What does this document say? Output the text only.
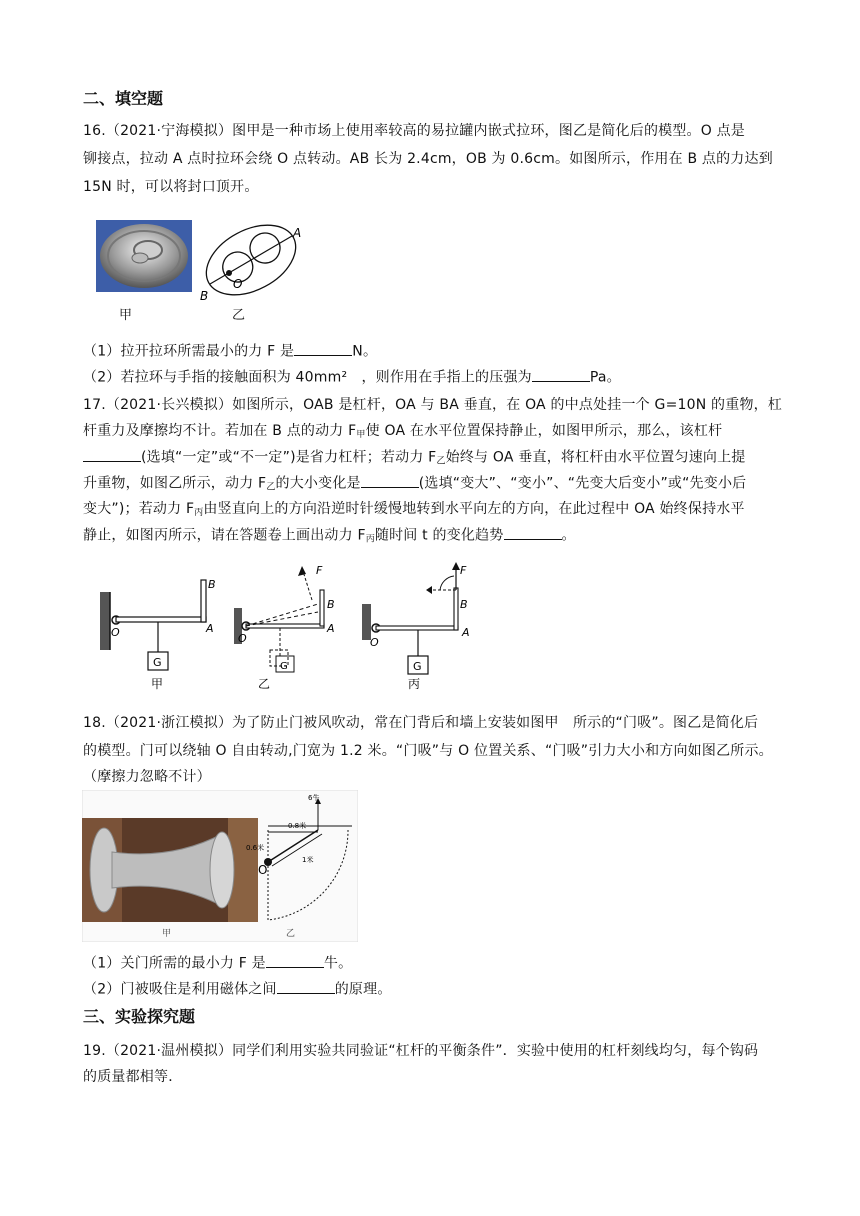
二、填空题
16.（2021·宁海模拟）图甲是一种市场上使用率较高的易拉罐内嵌式拉环，图乙是简化后的模型。O 点是
铆接点，拉动 A 点时拉环会绕 O 点转动。AB 长为 2.4cm，OB 为 0.6cm。如图所示，作用在 B 点的力达到
15N 时，可以将封口顶开。
甲
A
B
O
乙
（1）拉开拉环所需最小的力 F 是	N。
（2）若拉环与手指的接触面积为 40mm²　，则作用在手指上的压强为	Pa。
17.（2021·长兴模拟）如图所示，OAB 是杠杆，OA 与 BA 垂直，在 OA 的中点处挂一个 G=10N 的重物，杠
杆重力及摩擦均不计。若加在 B 点的动力 $F_甲$使 OA 在水平位置保持静止，如图甲所示，那么，该杠杆
(选填“一定”或“不一定”)是省力杠杆；若动力 $F_乙$始终与 OA 垂直，将杠杆由水平位置匀速向上提
升重物，如图乙所示，动力 $F_乙$的大小变化是	(选填“变大”、“变小”、“先变大后变小”或“先变小后
变大”)；若动力 $F_丙$由竖直向上的方向沿逆时针缓慢地转到水平向左的方向，在此过程中 OA 始终保持水平
静止，如图丙所示，请在答题卷上画出动力 $F_丙$随时间 t 的变化趋势	。
G
B
A
O
甲
G
F
B
A
O
乙
G
F
B
A
O
丙
18.（2021·浙江模拟）为了防止门被风吹动，常在门背后和墙上安装如图甲　所示的“门吸”。图乙是简化后
的模型。门可以绕轴 O 自由转动,门宽为 1.2 米。“门吸”与 O 位置关系、“门吸”引力大小和方向如图乙所示。
（摩擦力忽略不计）
甲
0.8米
6牛
1米
0.6米
O
乙
（1）关门所需的最小力 F 是	牛。
（2）门被吸住是利用磁体之间	的原理。
三、实验探究题
19.（2021·温州模拟）同学们利用实验共同验证“杠杆的平衡条件”．实验中使用的杠杆刻线均匀，每个钩码
的质量都相等．
